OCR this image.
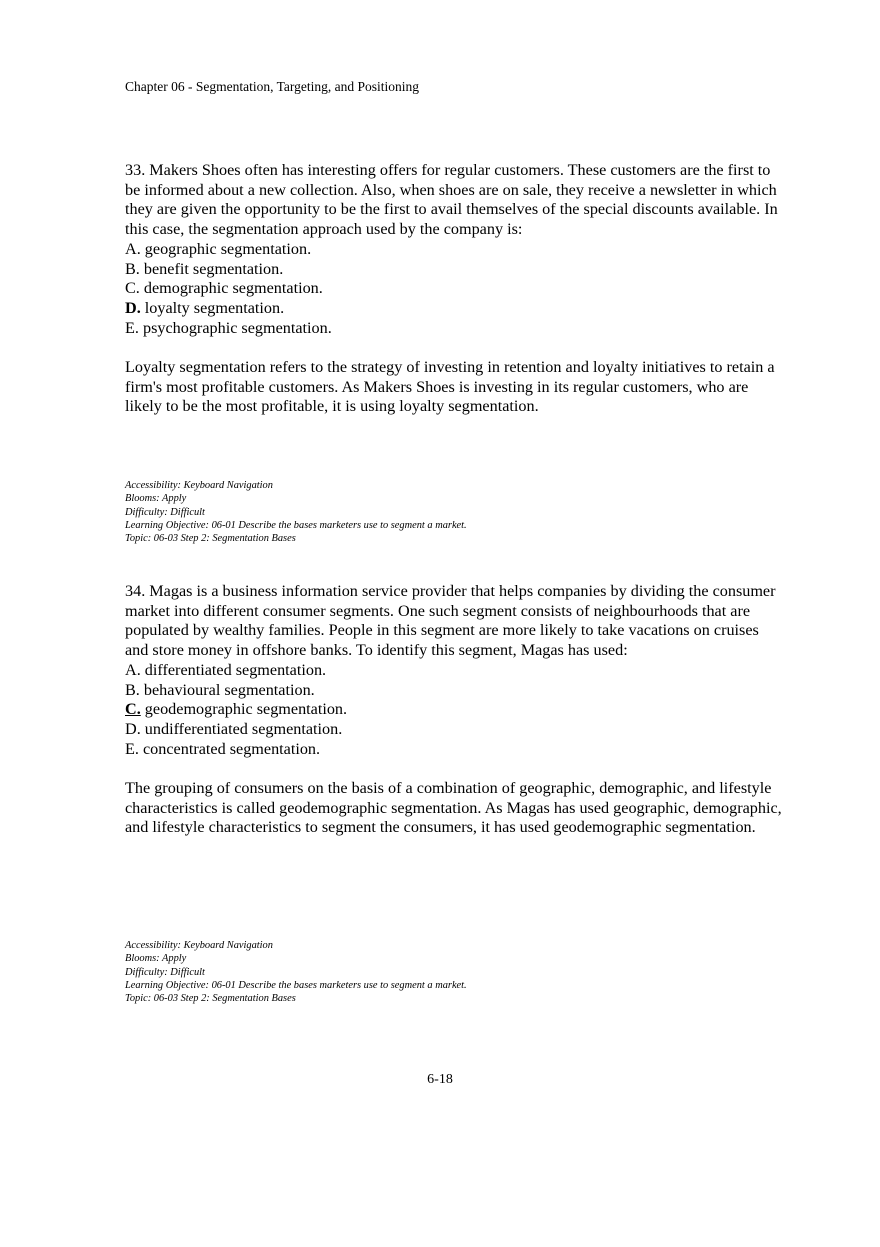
Chapter 06 - Segmentation, Targeting, and Positioning

33. Makers Shoes often has interesting offers for regular customers. These customers are the first to be informed about a new collection. Also, when shoes are on sale, they receive a newsletter in which they are given the opportunity to be the first to avail themselves of the special discounts available. In this case, the segmentation approach used by the company is:

A. geographic segmentation.
B. benefit segmentation.
C. demographic segmentation.
D. loyalty segmentation.
E. psychographic segmentation.

Loyalty segmentation refers to the strategy of investing in retention and loyalty initiatives to retain a firm's most profitable customers. As Makers Shoes is investing in its regular customers, who are likely to be the most profitable, it is using loyalty segmentation.

Accessibility: Keyboard Navigation
Blooms: Apply
Difficulty: Difficult
Learning Objective: 06-01 Describe the bases marketers use to segment a market.
Topic: 06-03 Step 2: Segmentation Bases

34. Magas is a business information service provider that helps companies by dividing the consumer market into different consumer segments. One such segment consists of neighbourhoods that are populated by wealthy families. People in this segment are more likely to take vacations on cruises and store money in offshore banks. To identify this segment, Magas has used:

A. differentiated segmentation.
B. behavioural segmentation.
C. geodemographic segmentation.
D. undifferentiated segmentation.
E. concentrated segmentation.

The grouping of consumers on the basis of a combination of geographic, demographic, and lifestyle characteristics is called geodemographic segmentation. As Magas has used geographic, demographic, and lifestyle characteristics to segment the consumers, it has used geodemographic segmentation.

Accessibility: Keyboard Navigation
Blooms: Apply
Difficulty: Difficult
Learning Objective: 06-01 Describe the bases marketers use to segment a market.
Topic: 06-03 Step 2: Segmentation Bases
6-18
